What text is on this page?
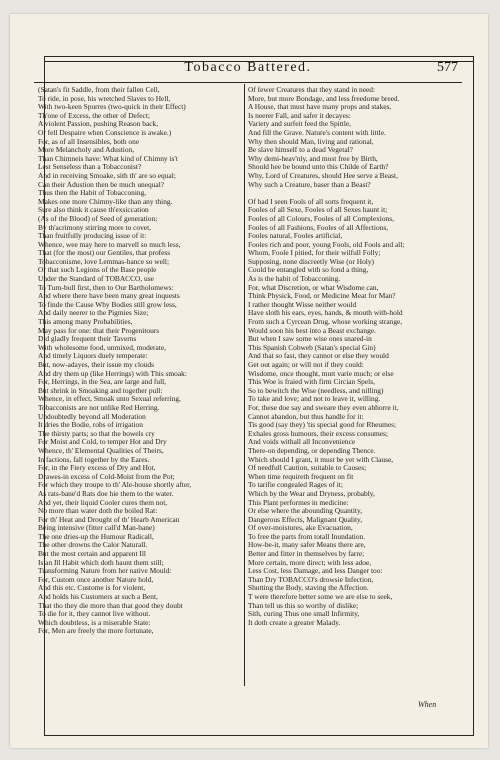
Tobacco Battered.	577
(Satan's fit Saddle, from their fallen Cell,
To ride, in pose, his wretched Slaves to Hell,
With two-keen Spurres (two-quick in their Effect)
Th'one of Excess, the other of Defect;
A violent Passion, pushing Reason back,
Or fell Despaire when Conscience is awake.)
For, as of all Insensibles, both one
More Melancholy and Adustion,
Than Chimneis have: What kind of Chimny is't
Lest Senseless than a Tobacconist?
And in receiving Smoake, sith th' are so equal;
Can their Adustion then be much unequal?
Thus then the Habit of Tobacconing,
Makes one more Chimny-like than any thing.
Sure also think it cause th'exsiccation
(As of the Blood) of Seed of generation;
By th'acrimony stirring more to covet,
Than fruitfully producing issue of it:
Whence, wee may here to marvell so much less,
That (for the most) our Gentiles, that profess
Tobacconisme, love Lemmas-bance so well;
Or that such Legions of the Base people
Under the Standard of TOBACCO, use
To Turn-bull first, then to Our Bartholomews:
And where there have been many great inquests
To finde the Cause Why Bodies still grow less,
And daily neerer to the Pigmies Size;
This among many Probabilities,
May pass for one: that their Progenitours
Did gladly frequent their Taverns
With wholesome food, unmixed, moderate,
And timely Liquors duely temperate:
But, now-adayes, their issue my clouds
And dry them up (like Herrings) with This smoak:
For, Herrings, in the Sea, are large and full,
But shrink in Smoaking and together pull:
Whence, in effect, Smoak unto Sexual referring,
Tobacconists are not unlike Red Herring.
Undoubtedly beyond all Moderation
It dries the Bodie, robs of irrigation
The thirsty parts; so that the bowels cry
For Moist and Cold, to temper Hot and Dry
Whence, th' Elemental Qualities of Theirs,
In factions, fall together by the Eares.
For, in the Fiery excess of Dry and Hot,
Drawes-in excess of Cold-Moist from the Pot;
For which they troupe to th' Ale-house shortly after,
As rats-bane'd Rats doe hie them to the water.
And yet, their liquid Cooler cures them not,
No more than water doth the boiled Rat:
For th' Heat and Drought of th' Hearb American
Being intensive (fitter call'd Man-bane)
The one dries-up the Humour Radicall,
The other drowns the Calor Naturall.
But the most certain and apparent Ill
Is an Ill Habit which doth haunt them still;
Transforming Nature from her native Mould:
For, Custom once another Nature hold,
And this etc. Custome is for violent,
And holds his Customers at such a Bent,
That tho they die more than that good they doubt
To die for it, they cannot live without.
Which doubtless, is a miserable State:
For, Men are freely the more fortunate,
Of fewer Creatures that they stand in need:
More, but more Bondage, and less freedome breed.
A House, that must have many props and stakes,
Is neerer Fall, and safer it decayes:
Variety and surfeit feed the Spittle,
And fill the Grave. Nature's content with little.
Why then should Man, living and rational,
Be slave himself to a dead Vegetal?
Why demi-heav'nly, and most free by Birth,
Should hee be bound unto this Childe of Earth?
Why, Lord of Creatures, should Hee serve a Beast,
Why such a Creature, baser than a Beast?

Of had I seen Fools of all sorts frequent it,
Fooles of all Sexe, Fooles of all Sexes haunt it;
Fooles of all Colours, Fooles of all Complexions,
Fooles of all Fashions, Fooles of all Affections,
Fooles natural, Fooles artificial,
Fooles rich and poor, young Fools, old Fools and all;
Whom, Foole I pitied, for their wilfull Folly;
Supposing, none discreetly Wise (or Holy)
Could be entangled with so fond a thing,
As is the habit of Tobacconing.
For, what Discretion, or what Wisdome can,
Think Physick, Food, or Medicine Meat for Man?
I rather thought Wisse neither would
Have sloth his ears, eyes, hands, & mouth with-hold
From such a Cyrcean Drug, whose working strange,
Would soon his best into a Beast exchange.
But when I saw some wise ones snared-in
This Spanish Cobweb (Satan's special Gin)
And that so fast, they cannot or else they would
Get out again; or will not if they could:
Wisdome, once thought, mutt varie much; or else
This Woe is fraied with firm Circian Spels,
So to bewitch the Wise (needless, and nilling)
To take and love; and not to leave it, willing.
For, these doe say and sweare they even abhorre it,
Cannot abandon, but thus handle for it:
Tis good (say they) 'tis special good for Rheumes;
Exhales gross humours, their excess consumes;
And voids withall all Inconvenience
There-on depending, or depending Thence.
Which should I grant, it must be yet with Clause,
Of needfull Caution, suitable to Causes;
When time requireth frequent on fit
To tarifie congealed Rages of it;
Which by the Wear and Dryness, probably,
This Plant performes in medicine:
Or else where the abounding Quantity,
Dangerous Effects, Malignant Quality,
Of over-moistures, ake Evacuation,
To free the parts from totall Inundation.
How-be-it, many safer Means there are,
Better and fitter in themselves by farre;
More certain, more direct; with less adoe,
Less Cost, less Damage, and less Danger too:
Than Dry TOBACCO's drowsie Infection,
Shutting the Body, staving the Affection.
T were therefore better some we are else to seek,
Than tell us this so worthy of dislike;
Sith, curing Thus one small Infirmity,
It doth create a greater Malady.
When
